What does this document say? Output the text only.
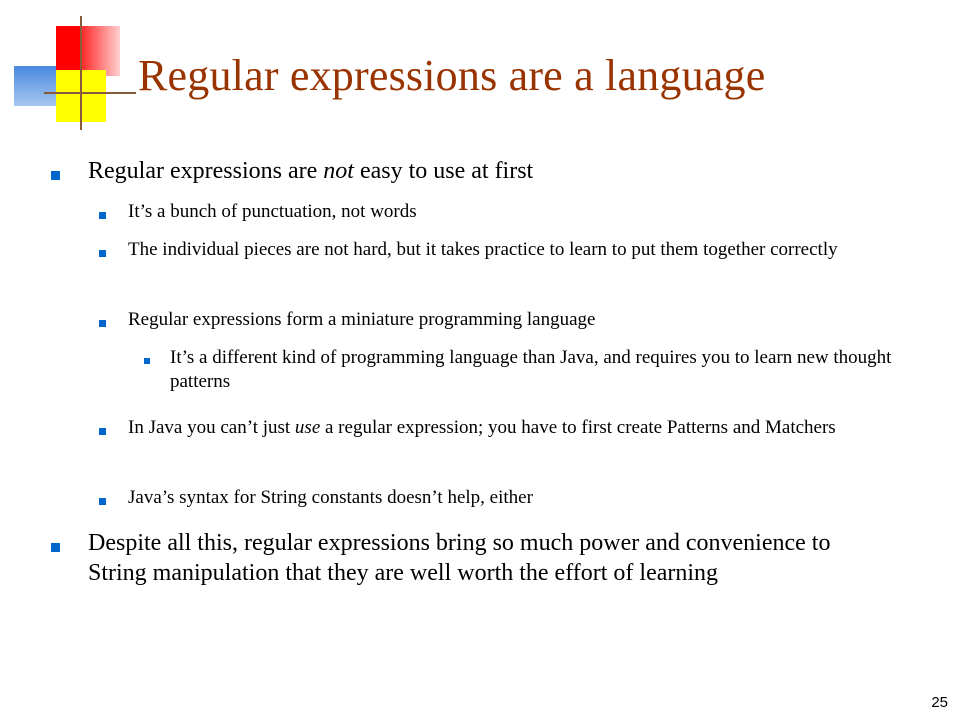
Regular expressions are a language
Regular expressions are not easy to use at first
It’s a bunch of punctuation, not words
The individual pieces are not hard, but it takes practice to learn to put them together correctly
Regular expressions form a miniature programming language
It’s a different kind of programming language than Java, and requires you to learn new thought patterns
In Java you can’t just use a regular expression; you have to first create Patterns and Matchers
Java’s syntax for String constants doesn’t help, either
Despite all this, regular expressions bring so much power and convenience to String manipulation that they are well worth the effort of learning
25
